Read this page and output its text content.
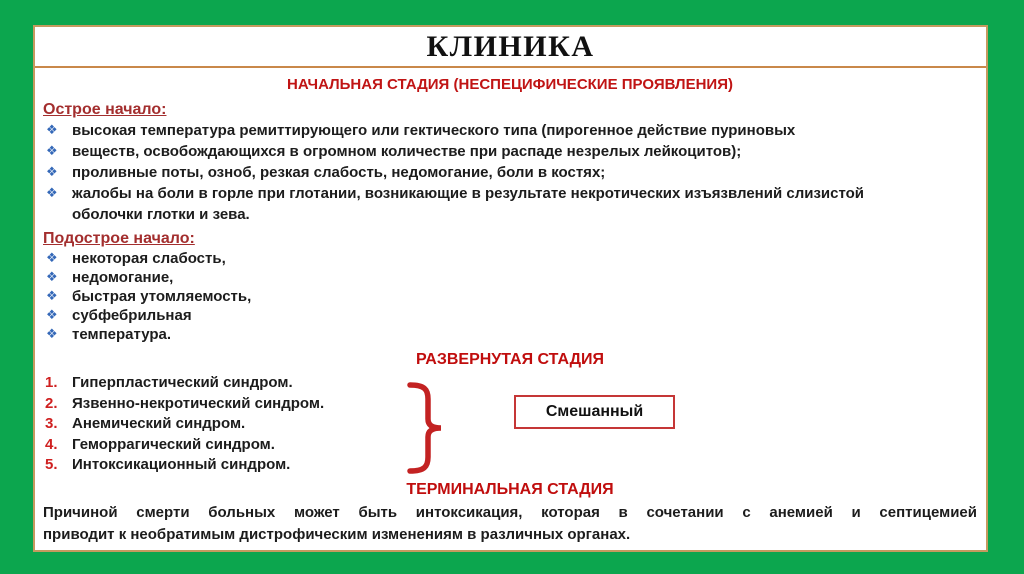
КЛИНИКА
НАЧАЛЬНАЯ СТАДИЯ (НЕСПЕЦИФИЧЕСКИЕ ПРОЯВЛЕНИЯ)
Острое начало:
❖ высокая температура ремиттирующего или гектического типа (пирогенное действие пуриновых
❖ веществ, освобождающихся в огромном количестве при распаде незрелых лейкоцитов);
❖ проливные поты, озноб, резкая слабость, недомогание, боли в костях;
❖ жалобы на боли в горле при глотании, возникающие в результате некротических изъязвлений слизистой
оболочки глотки и зева.
Подострое начало:
❖ некоторая слабость,
❖ недомогание,
❖ быстрая утомляемость,
❖ субфебрильная
❖ температура.
РАЗВЕРНУТАЯ СТАДИЯ
1. Гиперпластический синдром.
2. Язвенно-некротический синдром.
3. Анемический синдром.
4. Геморрагический синдром.
5. Интоксикационный синдром.
ТЕРМИНАЛЬНАЯ СТАДИЯ
Причиной смерти больных может быть интоксикация, которая в сочетании с анемией и септицемией
приводит к необратимым дистрофическим изменениям в различных органах.
Смешанный
